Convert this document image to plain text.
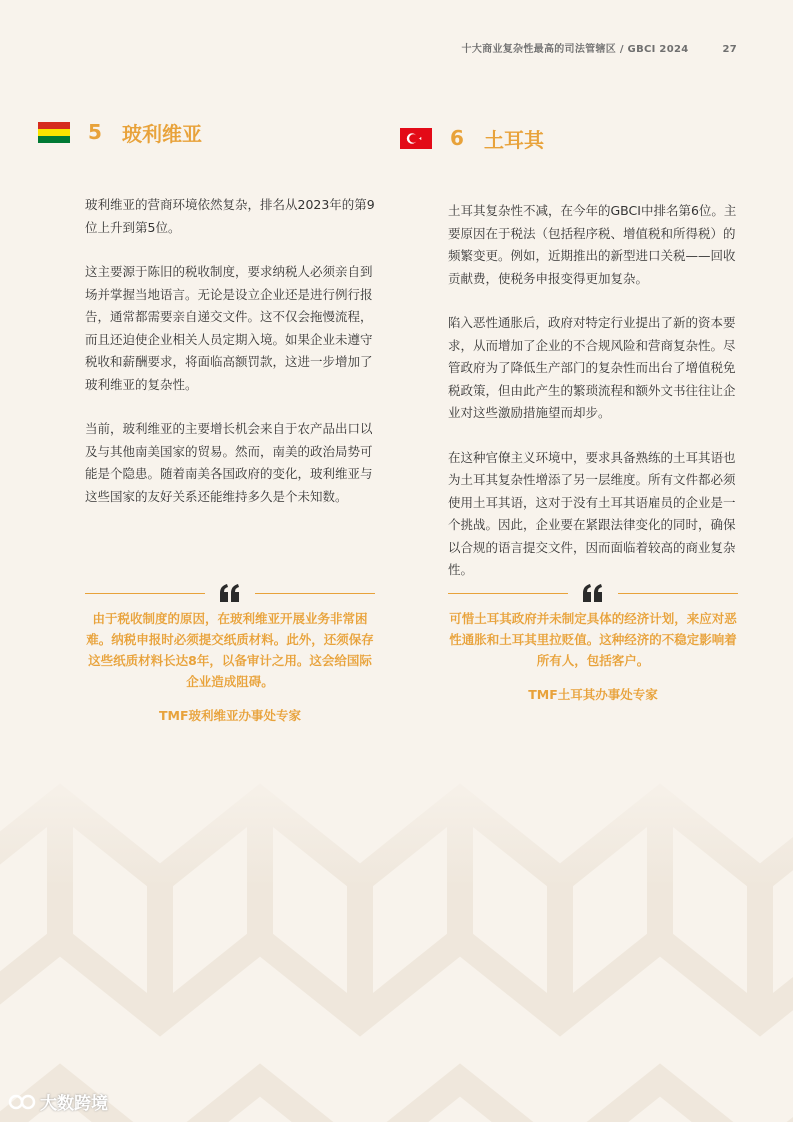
十大商业复杂性最高的司法管辖区 / GBCI 2024	27
5	玻利维亚

玻利维亚的营商环境依然复杂，排名从2023年的第9位上升到第5位。

这主要源于陈旧的税收制度，要求纳税人必须亲自到场并掌握当地语言。无论是设立企业还是进行例行报告，通常都需要亲自递交文件。这不仅会拖慢流程，而且还迫使企业相关人员定期入境。如果企业未遵守税收和薪酬要求，将面临高额罚款，这进一步增加了玻利维亚的复杂性。

当前，玻利维亚的主要增长机会来自于农产品出口以及与其他南美国家的贸易。然而，南美的政治局势可能是个隐患。随着南美各国政府的变化，玻利维亚与这些国家的友好关系还能维持多久是个未知数。

由于税收制度的原因，在玻利维亚开展业务非常困难。纳税申报时必须提交纸质材料。此外，还须保存这些纸质材料长达8年，以备审计之用。这会给国际企业造成阻碍。

TMF玻利维亚办事处专家
6	土耳其

土耳其复杂性不减，在今年的GBCI中排名第6位。主要原因在于税法（包括程序税、增值税和所得税）的频繁变更。例如，近期推出的新型进口关税——回收贡献费，使税务申报变得更加复杂。

陷入恶性通胀后，政府对特定行业提出了新的资本要求，从而增加了企业的不合规风险和营商复杂性。尽管政府为了降低生产部门的复杂性而出台了增值税免税政策，但由此产生的繁琐流程和额外文书往往让企业对这些激励措施望而却步。

在这种官僚主义环境中，要求具备熟练的土耳其语也为土耳其复杂性增添了另一层维度。所有文件都必须使用土耳其语，这对于没有土耳其语雇员的企业是一个挑战。因此，企业要在紧跟法律变化的同时，确保以合规的语言提交文件，因而面临着较高的商业复杂性。

可惜土耳其政府并未制定具体的经济计划，来应对恶性通胀和土耳其里拉贬值。这种经济的不稳定影响着所有人，包括客户。

TMF土耳其办事处专家
大数跨境
